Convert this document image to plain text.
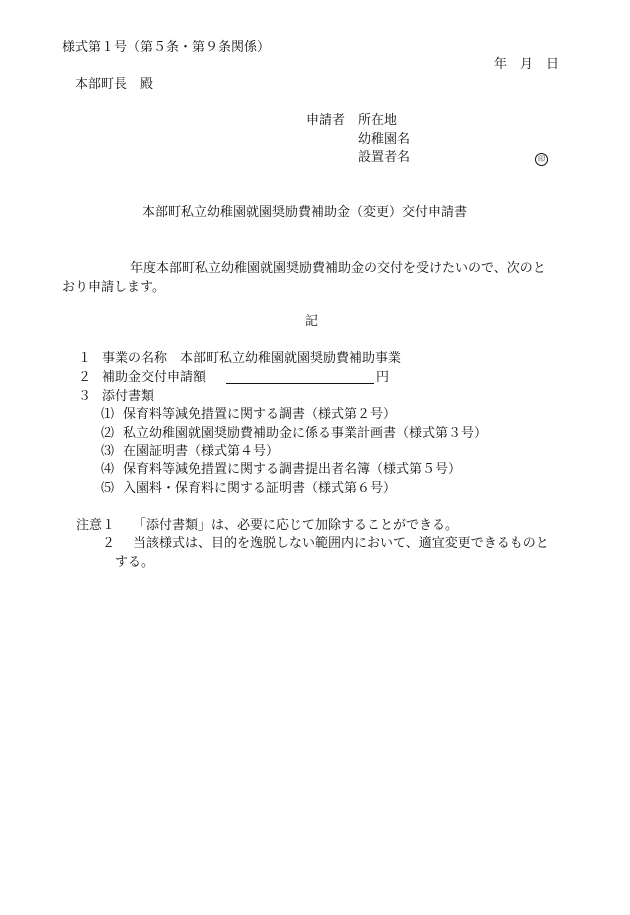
様式第１号（第５条・第９条関係）
年　月　日
本部町長　殿
申請者 所在地
幼稚園名
設置者名	印
本部町私立幼稚園就園奨励費補助金（変更）交付申請書
年度本部町私立幼稚園就園奨励費補助金の交付を受けたいので、次のと
おり申請します。
記
１ 事業の名称　本部町私立幼稚園就園奨励費補助事業
２ 補助金交付申請額	円
３ 添付書類
⑴ 保育料等減免措置に関する調書（様式第２号）
⑵ 私立幼稚園就園奨励費補助金に係る事業計画書（様式第３号）
⑶ 在園証明書（様式第４号）
⑷ 保育料等減免措置に関する調書提出者名簿（様式第５号）
⑸ 入園料・保育料に関する証明書（様式第６号）
注意１ 「添付書類」は、必要に応じて加除することができる。
２ 当該様式は、目的を逸脱しない範囲内において、適宜変更できるものと
する。
